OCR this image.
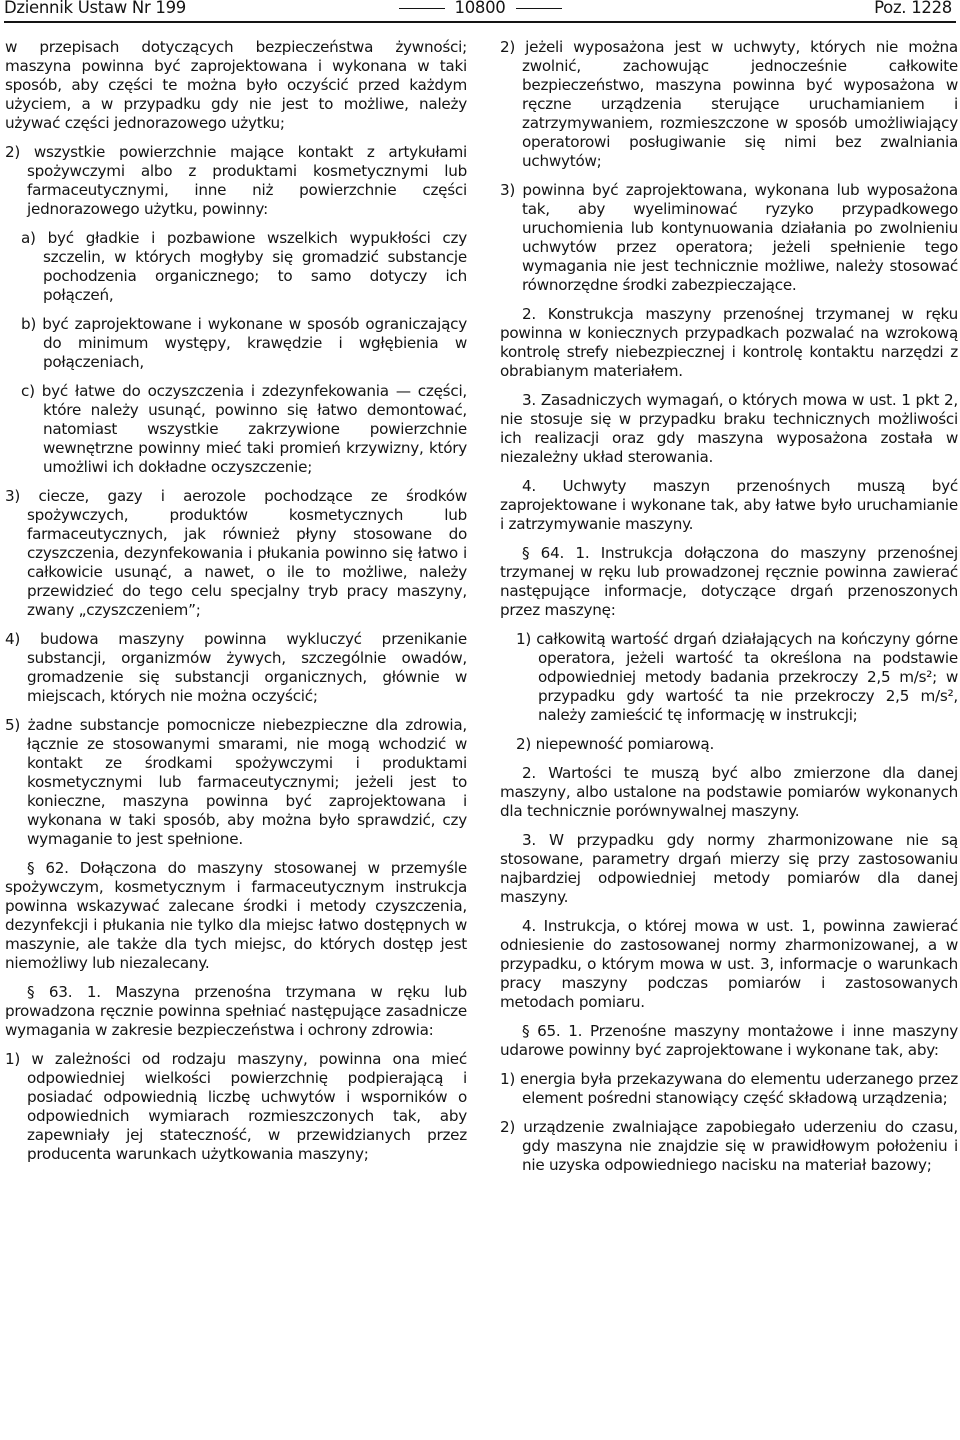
Dziennik Ustaw Nr 199	10800	Poz. 1228

w przepisach dotyczących bezpieczeństwa żywności; maszyna powinna być zaprojektowana i wykonana w taki sposób, aby części te można było oczyścić przed każdym użyciem, a w przypadku gdy nie jest to możliwe, należy używać części jednorazowego użytku;

2) wszystkie powierzchnie mające kontakt z artykułami spożywczymi albo z produktami kosmetycznymi lub farmaceutycznymi, inne niż powierzchnie części jednorazowego użytku, powinny:

a) być gładkie i pozbawione wszelkich wypukłości czy szczelin, w których mogłyby się gromadzić substancje pochodzenia organicznego; to samo dotyczy ich połączeń,

b) być zaprojektowane i wykonane w sposób ograniczający do minimum występy, krawędzie i wgłębienia w połączeniach,

c) być łatwe do oczyszczenia i zdezynfekowania — części, które należy usunąć, powinno się łatwo demontować, natomiast wszystkie zakrzywione powierzchnie wewnętrzne powinny mieć taki promień krzywizny, który umożliwi ich dokładne oczyszczenie;

3) ciecze, gazy i aerozole pochodzące ze środków spożywczych, produktów kosmetycznych lub farmaceutycznych, jak również płyny stosowane do czyszczenia, dezynfekowania i płukania powinno się łatwo i całkowicie usunąć, a nawet, o ile to możliwe, należy przewidzieć do tego celu specjalny tryb pracy maszyny, zwany „czyszczeniem”;

4) budowa maszyny powinna wykluczyć przenikanie substancji, organizmów żywych, szczególnie owadów, gromadzenie się substancji organicznych, głównie w miejscach, których nie można oczyścić;

5) żadne substancje pomocnicze niebezpieczne dla zdrowia, łącznie ze stosowanymi smarami, nie mogą wchodzić w kontakt ze środkami spożywczymi i produktami kosmetycznymi lub farmaceutycznymi; jeżeli jest to konieczne, maszyna powinna być zaprojektowana i wykonana w taki sposób, aby można było sprawdzić, czy wymaganie to jest spełnione.

§ 62. Dołączona do maszyny stosowanej w przemyśle spożywczym, kosmetycznym i farmaceutycznym instrukcja powinna wskazywać zalecane środki i metody czyszczenia, dezynfekcji i płukania nie tylko dla miejsc łatwo dostępnych w maszynie, ale także dla tych miejsc, do których dostęp jest niemożliwy lub niezalecany.

§ 63. 1. Maszyna przenośna trzymana w ręku lub prowadzona ręcznie powinna spełniać następujące zasadnicze wymagania w zakresie bezpieczeństwa i ochrony zdrowia:

1) w zależności od rodzaju maszyny, powinna ona mieć odpowiedniej wielkości powierzchnię podpierającą i posiadać odpowiednią liczbę uchwytów i wsporników o odpowiednich wymiarach rozmieszczonych tak, aby zapewniały jej stateczność, w przewidzianych przez producenta warunkach użytkowania maszyny;

2) jeżeli wyposażona jest w uchwyty, których nie można zwolnić, zachowując jednocześnie całkowite bezpieczeństwo, maszyna powinna być wyposażona w ręczne urządzenia sterujące uruchamianiem i zatrzymywaniem, rozmieszczone w sposób umożliwiający operatorowi posługiwanie się nimi bez zwalniania uchwytów;

3) powinna być zaprojektowana, wykonana lub wyposażona tak, aby wyeliminować ryzyko przypadkowego uruchomienia lub kontynuowania działania po zwolnieniu uchwytów przez operatora; jeżeli spełnienie tego wymagania nie jest technicznie możliwe, należy stosować równorzędne środki zabezpieczające.

2. Konstrukcja maszyny przenośnej trzymanej w ręku powinna w koniecznych przypadkach pozwalać na wzrokową kontrolę strefy niebezpiecznej i kontrolę kontaktu narzędzi z obrabianym materiałem.

3. Zasadniczych wymagań, o których mowa w ust. 1 pkt 2, nie stosuje się w przypadku braku technicznych możliwości ich realizacji oraz gdy maszyna wyposażona została w niezależny układ sterowania.

4. Uchwyty maszyn przenośnych muszą być zaprojektowane i wykonane tak, aby łatwe było uruchamianie i zatrzymywanie maszyny.

§ 64. 1. Instrukcja dołączona do maszyny przenośnej trzymanej w ręku lub prowadzonej ręcznie powinna zawierać następujące informacje, dotyczące drgań przenoszonych przez maszynę:

1) całkowitą wartość drgań działających na kończyny górne operatora, jeżeli wartość ta określona na podstawie odpowiedniej metody badania przekroczy 2,5 m/s²; w przypadku gdy wartość ta nie przekroczy 2,5 m/s², należy zamieścić tę informację w instrukcji;

2) niepewność pomiarową.

2. Wartości te muszą być albo zmierzone dla danej maszyny, albo ustalone na podstawie pomiarów wykonanych dla technicznie porównywalnej maszyny.

3. W przypadku gdy normy zharmonizowane nie są stosowane, parametry drgań mierzy się przy zastosowaniu najbardziej odpowiedniej metody pomiarów dla danej maszyny.

4. Instrukcja, o której mowa w ust. 1, powinna zawierać odniesienie do zastosowanej normy zharmonizowanej, a w przypadku, o którym mowa w ust. 3, informacje o warunkach pracy maszyny podczas pomiarów i zastosowanych metodach pomiaru.

§ 65. 1. Przenośne maszyny montażowe i inne maszyny udarowe powinny być zaprojektowane i wykonane tak, aby:

1) energia była przekazywana do elementu uderzanego przez element pośredni stanowiący część składową urządzenia;

2) urządzenie zwalniające zapobiegało uderzeniu do czasu, gdy maszyna nie znajdzie się w prawidłowym położeniu i nie uzyska odpowiedniego nacisku na materiał bazowy;
